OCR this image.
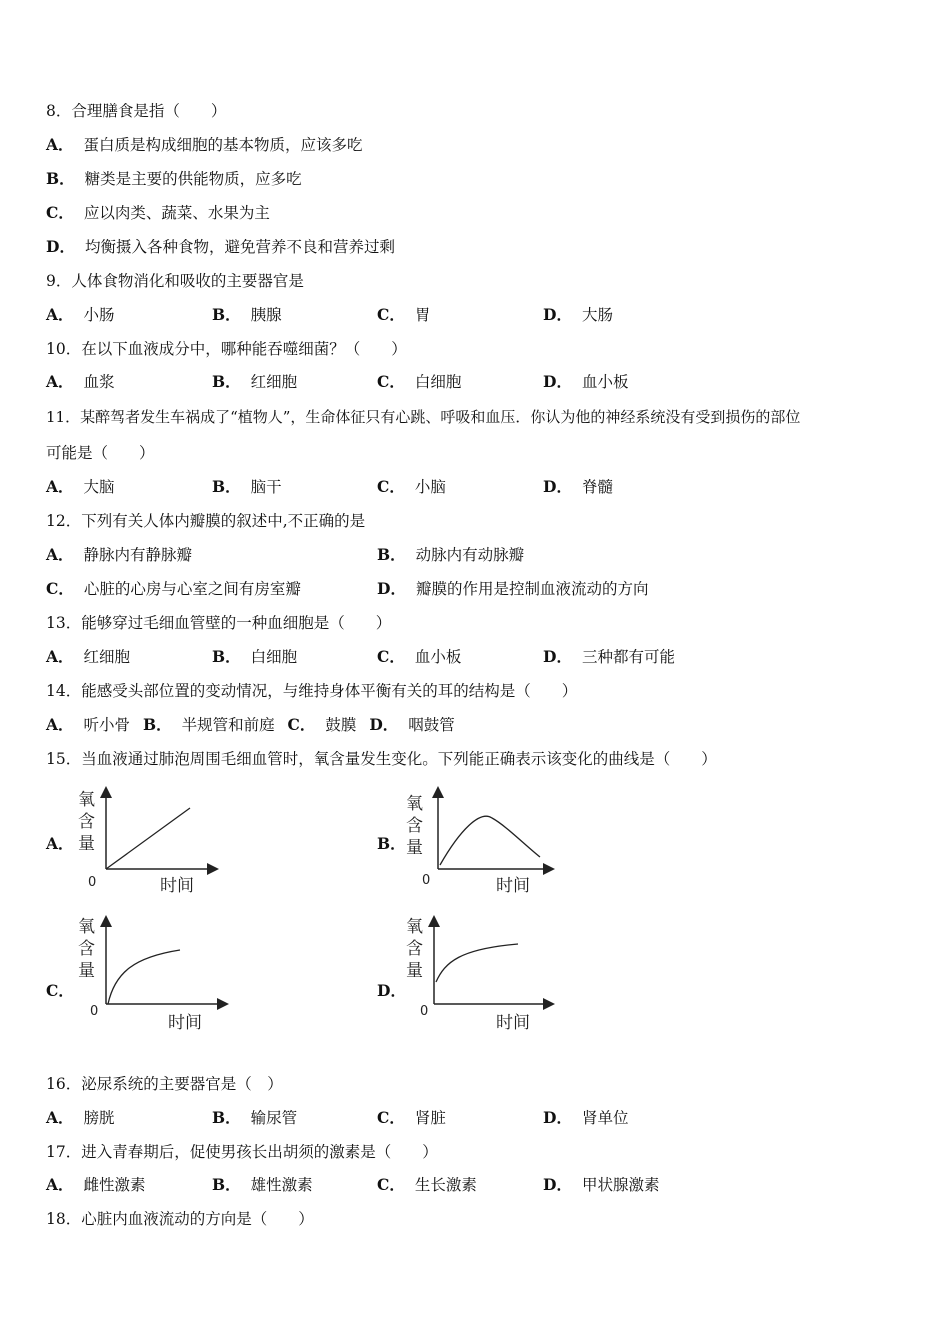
8．合理膳食是指（　　）
A． 蛋白质是构成细胞的基本物质，应该多吃
B． 糖类是主要的供能物质，应多吃
C． 应以肉类、蔬菜、水果为主
D． 均衡摄入各种食物，避免营养不良和营养过剩
9．人体食物消化和吸收的主要器官是
A． 小肠	B． 胰腺	C． 胃	D． 大肠
10．在以下血液成分中，哪种能吞噬细菌？（　　）
A． 血浆	B． 红细胞	C． 白细胞	D． 血小板
11．某醉驾者发生车祸成了“植物人”，生命体征只有心跳、呼吸和血压．你认为他的神经系统没有受到损伤的部位
可能是（　　）
A． 大脑	B． 脑干	C． 小脑	D． 脊髓
12．下列有关人体内瓣膜的叙述中,不正确的是
A． 静脉内有静脉瓣	B． 动脉内有动脉瓣
C． 心脏的心房与心室之间有房室瓣	D． 瓣膜的作用是控制血液流动的方向
13．能够穿过毛细血管壁的一种血细胞是（　　）
A． 红细胞	B． 白细胞	C． 血小板	D． 三种都有可能
14．能感受头部位置的变动情况，与维持身体平衡有关的耳的结构是（　　）
A． 听小骨 B． 半规管和前庭 C． 鼓膜 D． 咽鼓管
15．当血液通过肺泡周围毛细血管时，氧含量发生变化。下列能正确表示该变化的曲线是（　　）
A．
氧
含
量
0	时间
B．
氧
含
量
0	时间
C．
氧
含
量
0
时间
D．
氧
含
量
0
时间
16．泌尿系统的主要器官是（　）
A． 膀胱	B． 输尿管	C． 肾脏	D． 肾单位
17．进入青春期后，促使男孩长出胡须的激素是（　　）
A． 雌性激素	B． 雄性激素	C． 生长激素	D． 甲状腺激素
18．心脏内血液流动的方向是（　　）
